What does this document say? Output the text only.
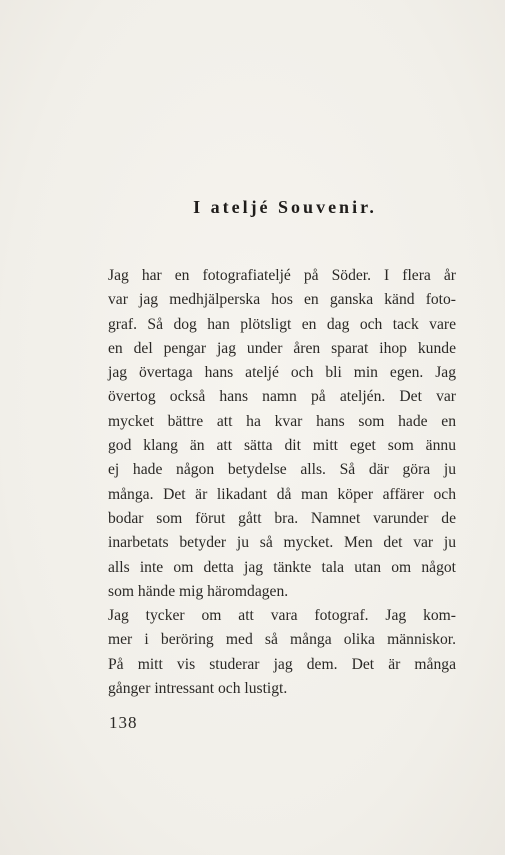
I ateljé Souvenir.

Jag har en fotografiateljé på Söder. I flera år
var jag medhjälperska hos en ganska känd foto-
graf. Så dog han plötsligt en dag och tack vare
en del pengar jag under åren sparat ihop kunde
jag övertaga hans ateljé och bli min egen. Jag
övertog också hans namn på ateljén. Det var
mycket bättre att ha kvar hans som hade en
god klang än att sätta dit mitt eget som ännu
ej hade någon betydelse alls. Så där göra ju
många. Det är likadant då man köper affärer och
bodar som förut gått bra. Namnet varunder de
inarbetats betyder ju så mycket. Men det var ju
alls inte om detta jag tänkte tala utan om något
som hände mig häromdagen.

Jag tycker om att vara fotograf. Jag kom-
mer i beröring med så många olika människor.
På mitt vis studerar jag dem. Det är många
gånger intressant och lustigt.

138
